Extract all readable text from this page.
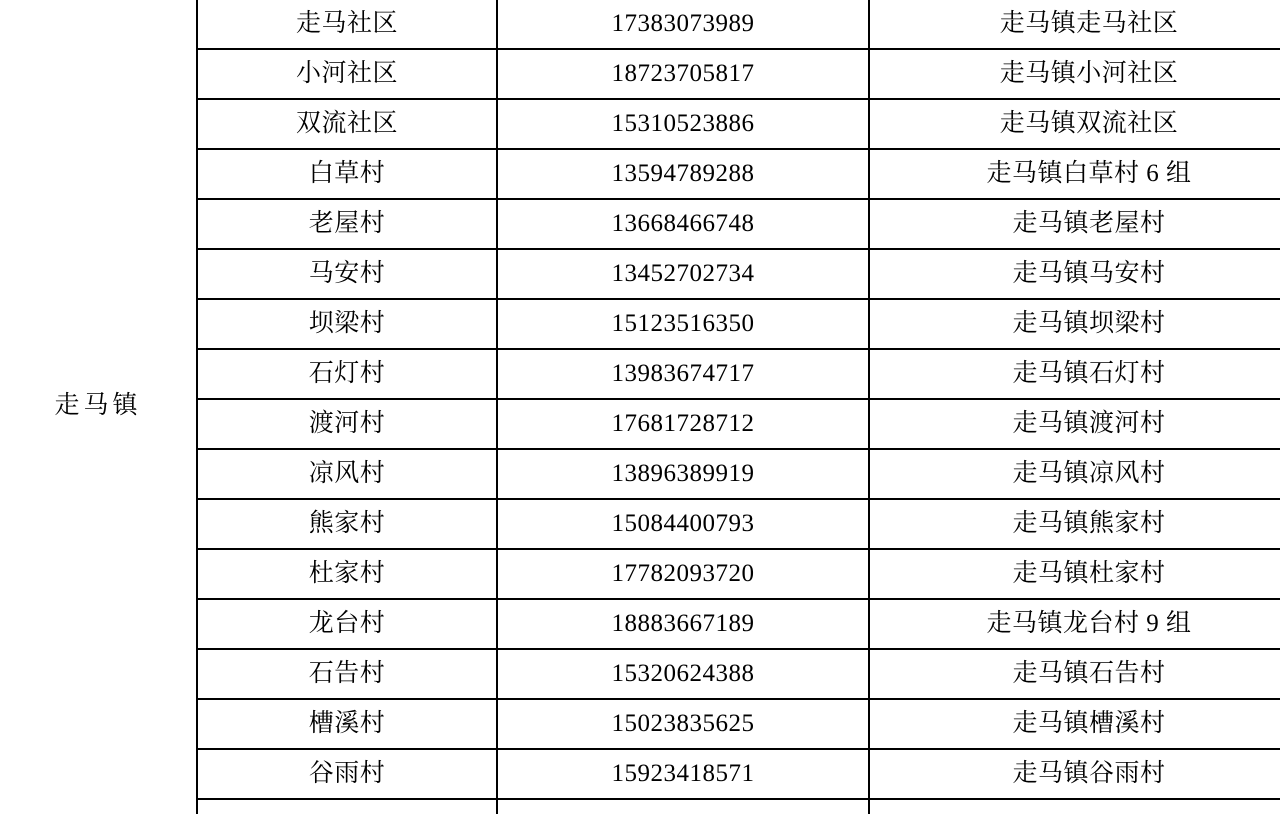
走马镇
走马社区	17383073989	走马镇走马社区
小河社区	18723705817	走马镇小河社区
双流社区	15310523886	走马镇双流社区
白草村	13594789288	走马镇白草村 6 组
老屋村	13668466748	走马镇老屋村
马安村	13452702734	走马镇马安村
坝梁村	15123516350	走马镇坝梁村
石灯村	13983674717	走马镇石灯村
渡河村	17681728712	走马镇渡河村
凉风村	13896389919	走马镇凉风村
熊家村	15084400793	走马镇熊家村
杜家村	17782093720	走马镇杜家村
龙台村	18883667189	走马镇龙台村 9 组
石告村	15320624388	走马镇石告村
槽溪村	15023835625	走马镇槽溪村
谷雨村	15923418571	走马镇谷雨村
